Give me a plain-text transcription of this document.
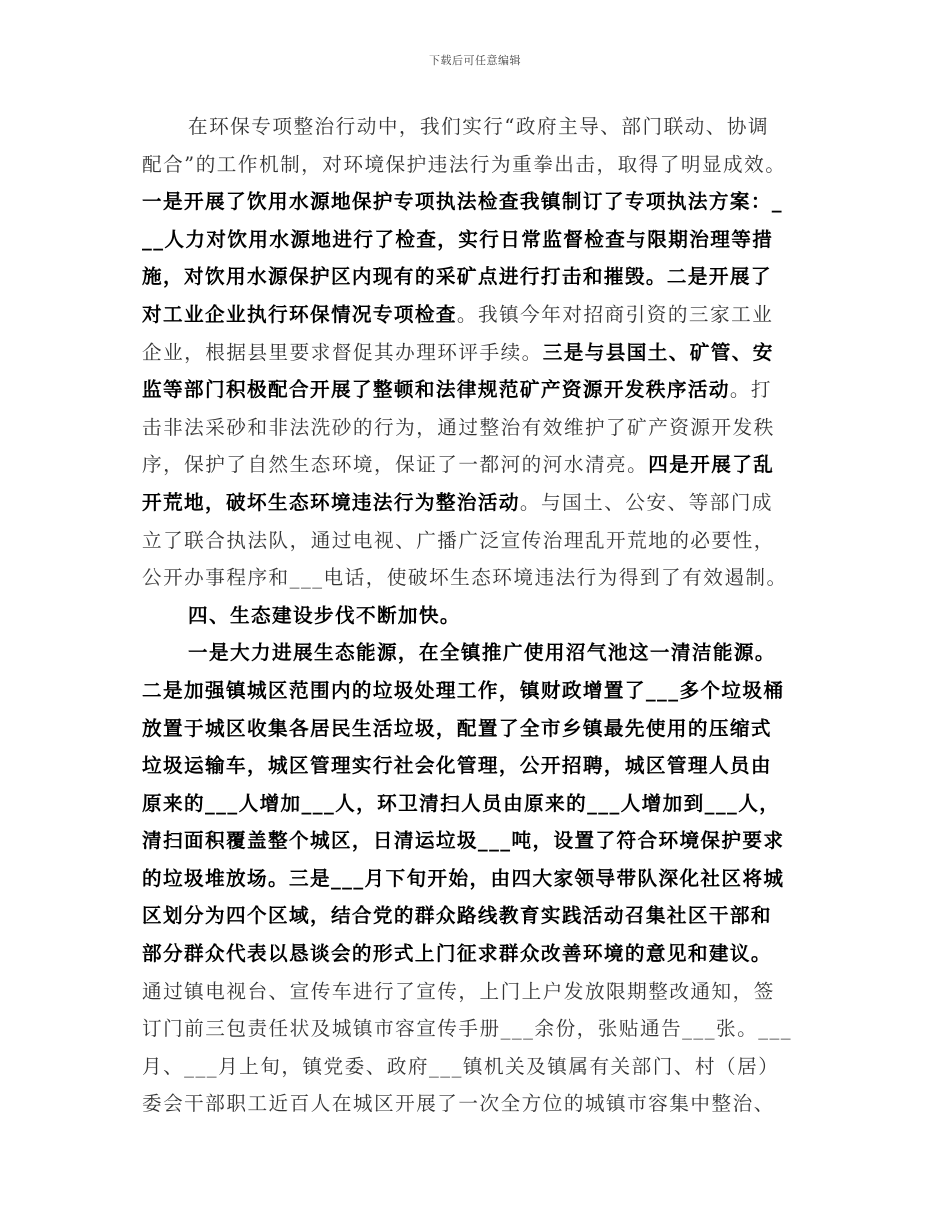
下载后可任意编辑
在环保专项整治行动中，我们实行“政府主导、部门联动、协调
配合”的工作机制，对环境保护违法行为重拳出击，取得了明显成效。
一是开展了饮用水源地保护专项执法检查我镇制订了专项执法方案：_
__人力对饮用水源地进行了检查，实行日常监督检查与限期治理等措
施，对饮用水源保护区内现有的采矿点进行打击和摧毁。二是开展了
对工业企业执行环保情况专项检查。我镇今年对招商引资的三家工业
企业，根据县里要求督促其办理环评手续。三是与县国土、矿管、安
监等部门积极配合开展了整顿和法律规范矿产资源开发秩序活动。打
击非法采砂和非法洗砂的行为，通过整治有效维护了矿产资源开发秩
序，保护了自然生态环境，保证了一都河的河水清亮。四是开展了乱
开荒地，破坏生态环境违法行为整治活动。与国土、公安、等部门成
立了联合执法队，通过电视、广播广泛宣传治理乱开荒地的必要性，
公开办事程序和___电话，使破坏生态环境违法行为得到了有效遏制。
四、生态建设步伐不断加快。
一是大力进展生态能源，在全镇推广使用沼气池这一清洁能源。
二是加强镇城区范围内的垃圾处理工作，镇财政增置了___多个垃圾桶
放置于城区收集各居民生活垃圾，配置了全市乡镇最先使用的压缩式
垃圾运输车，城区管理实行社会化管理，公开招聘，城区管理人员由
原来的___人增加___人，环卫清扫人员由原来的___人增加到___人，
清扫面积覆盖整个城区，日清运垃圾___吨，设置了符合环境保护要求
的垃圾堆放场。三是___月下旬开始，由四大家领导带队深化社区将城
区划分为四个区域，结合党的群众路线教育实践活动召集社区干部和
部分群众代表以恳谈会的形式上门征求群众改善环境的意见和建议。
通过镇电视台、宣传车进行了宣传，上门上户发放限期整改通知，签
订门前三包责任状及城镇市容宣传手册___余份，张贴通告___张。___
月、___月上旬，镇党委、政府___镇机关及镇属有关部门、村（居）
委会干部职工近百人在城区开展了一次全方位的城镇市容集中整治、
